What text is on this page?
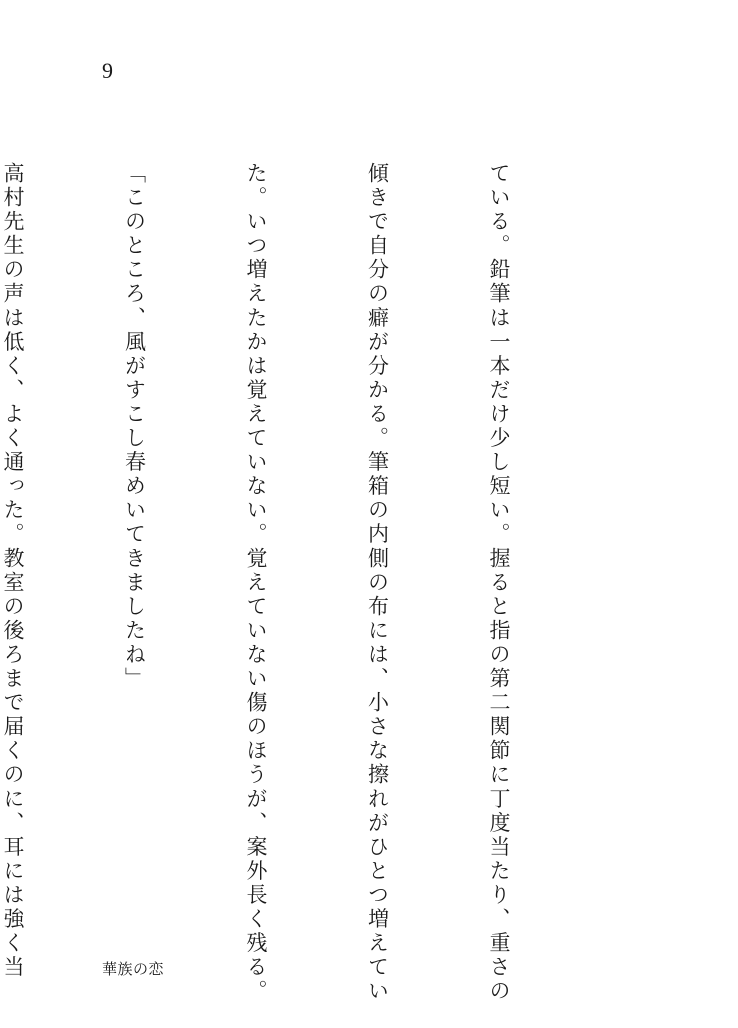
9

ている。鉛筆は一本だけ少し短い。握ると指の第二関節に丁度当たり、重さの

傾きで自分の癖が分かる。筆箱の内側の布には、小さな擦れがひとつ増えてい

た。いつ増えたかは覚えていない。覚えていない傷のほうが、案外長く残る。

「このところ、風がすこし春めいてきましたね」

高村先生の声は低く、よく通った。教室の後ろまで届くのに、耳には強く当

	華族の恋
